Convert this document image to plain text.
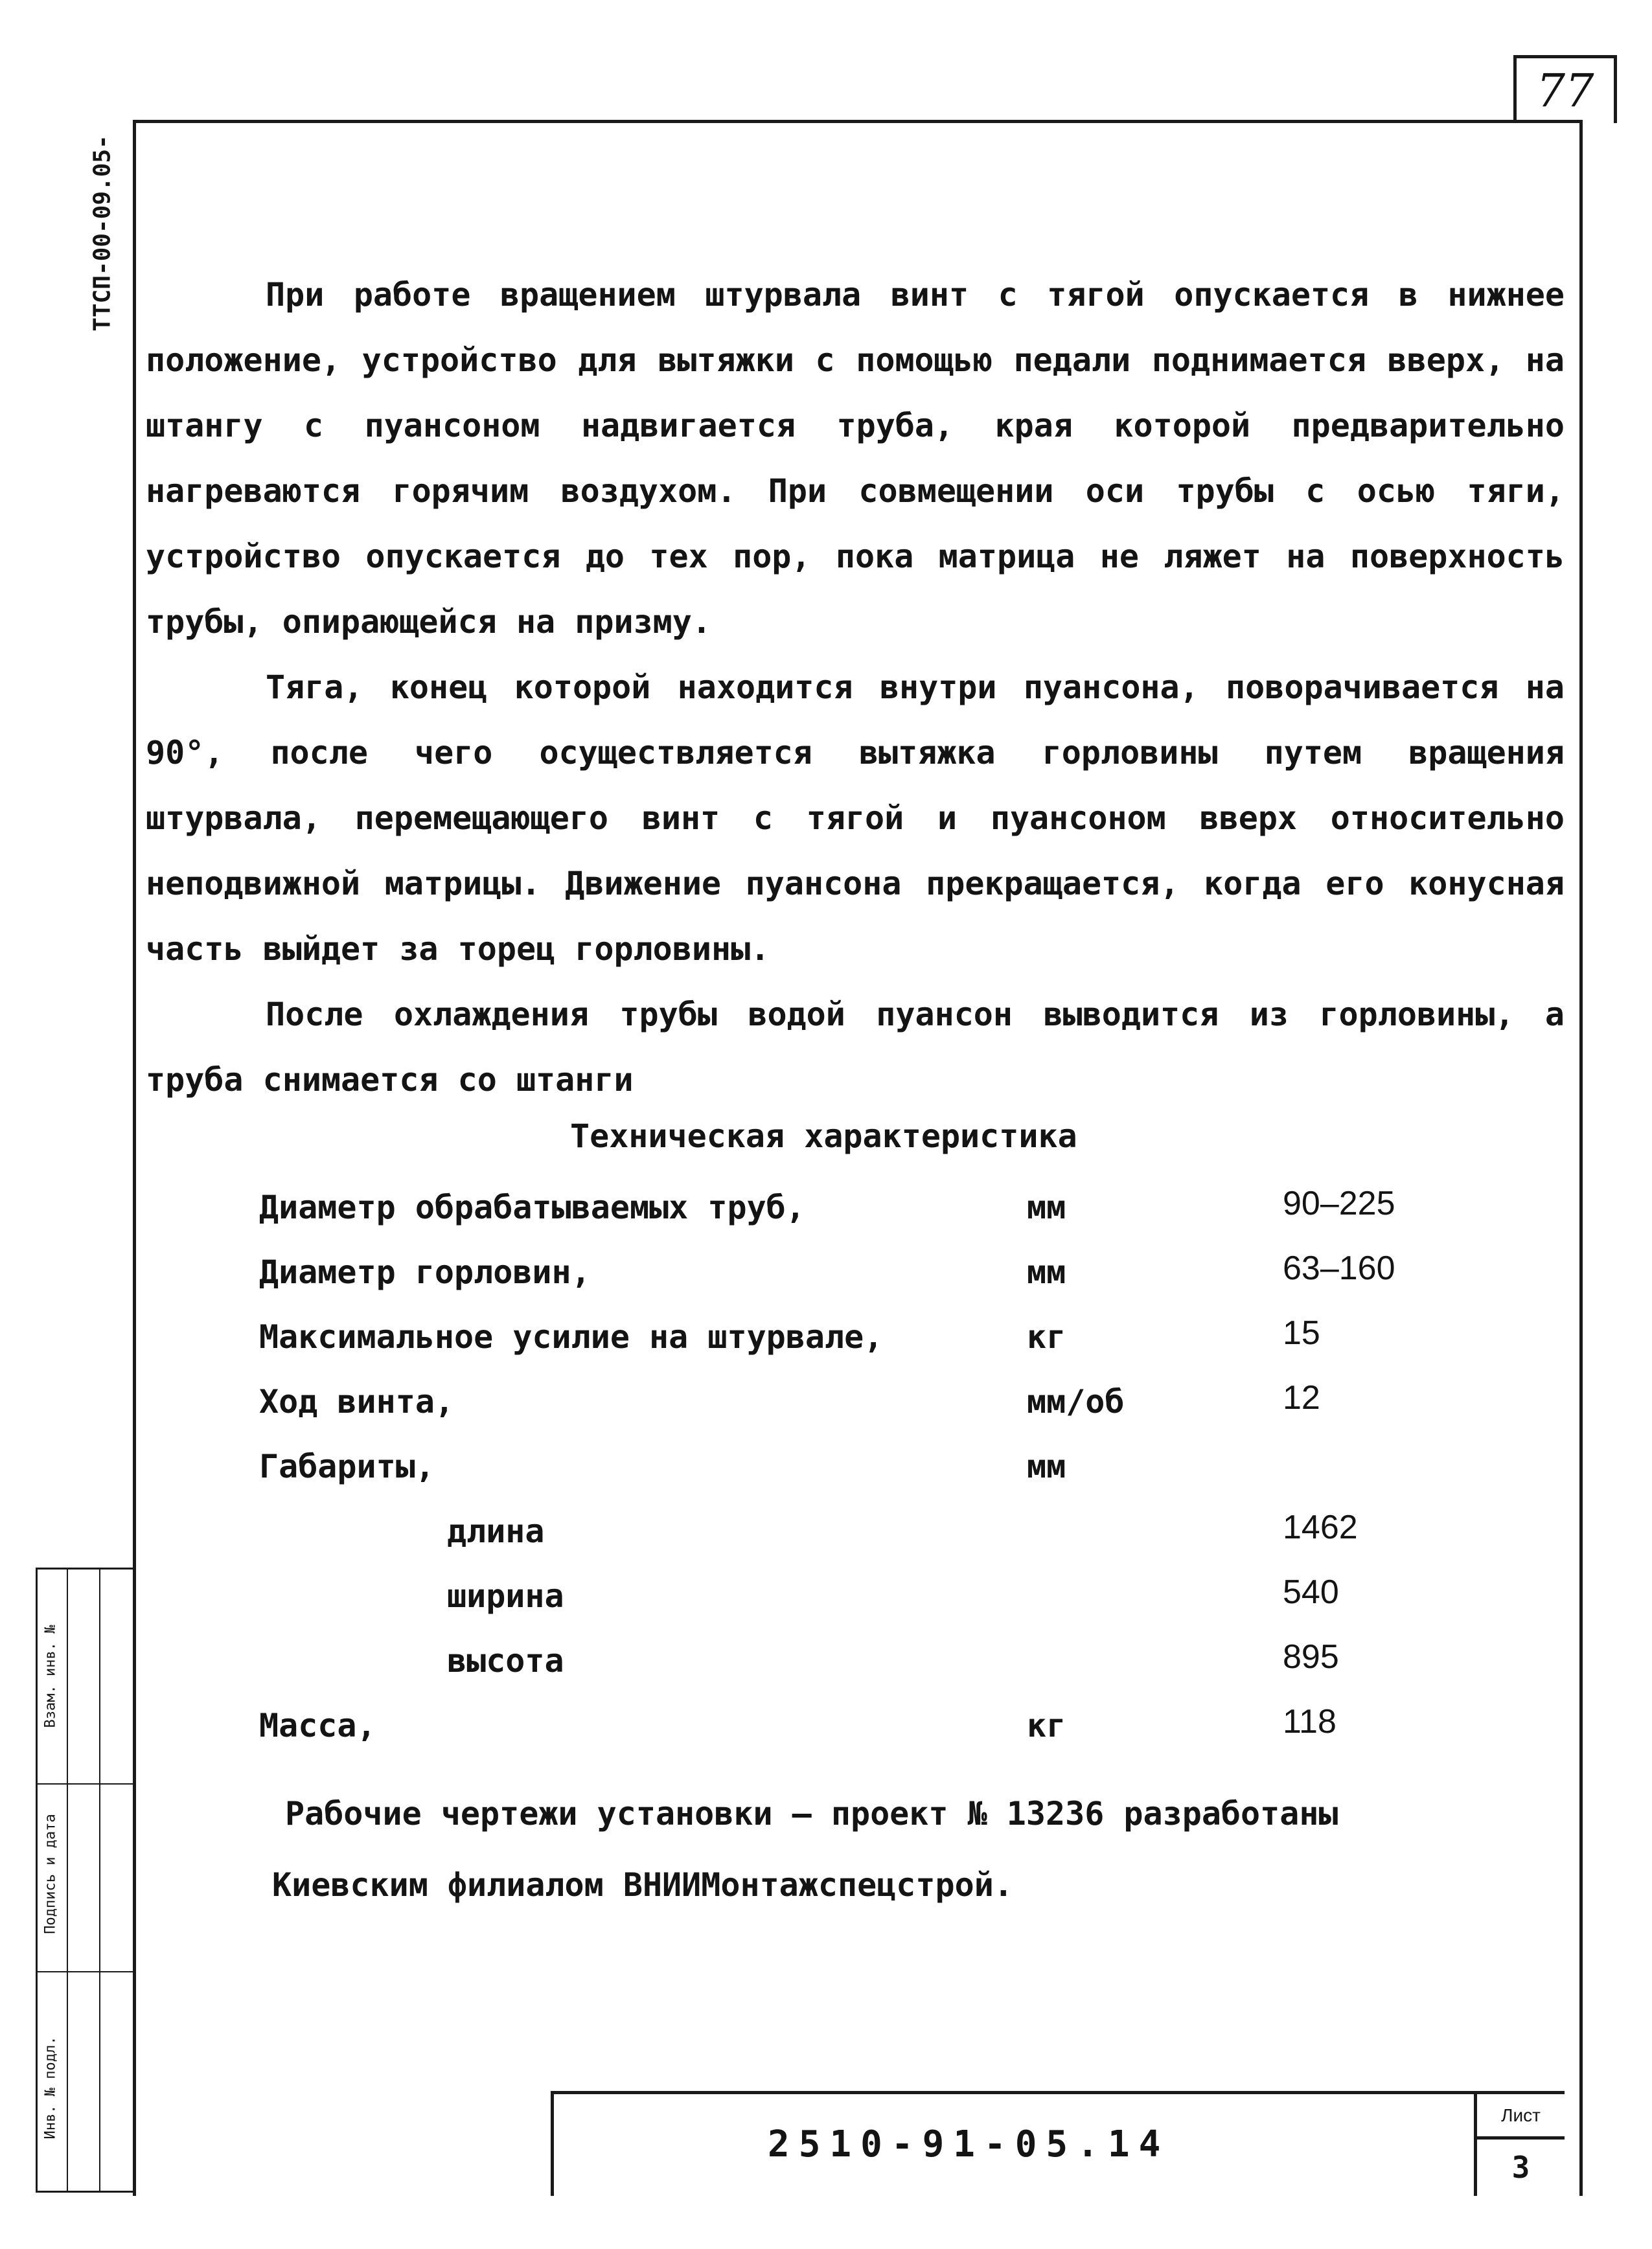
77
ТТСП-00-09.05-
Инв. № подл.
Подпись и дата
Взам. инв. №

При работе вращением штурвала винт с тягой опускается в нижнее положение, устройство для вытяжки с помощью педали поднимается вверх, на штангу с пуансоном надвигается труба, края которой предварительно нагреваются горячим воздухом. При совмещении оси трубы с осью тяги, устройство опускается до тех пор, пока матрица не ляжет на поверхность трубы, опирающейся на призму.

Тяга, конец которой находится внутри пуансона, поворачивается на 90°, после чего осуществляется вытяжка горловины путем вращения штурвала, перемещающего винт с тягой и пуансоном вверх относительно неподвижной матрицы. Движение пуансона прекращается, когда его конусная часть выйдет за торец горловины.

После охлаждения трубы водой пуансон выводится из горловины, а труба снимается со штанги

Техническая характеристика
Диаметр обрабатываемых труб,	мм	90–225
Диаметр горловин,	мм	63–160
Максимальное усилие на штурвале,	кг	15
Ход винта,	мм/об	12
Габариты,	мм
длина	1462
ширина	540
высота	895
Масса,	кг	118
Рабочие чертежи установки – проект № 13236 разработаны
Киевским филиалом ВНИИМонтажспецстрой.
2510-91-05.14
Лист
3
